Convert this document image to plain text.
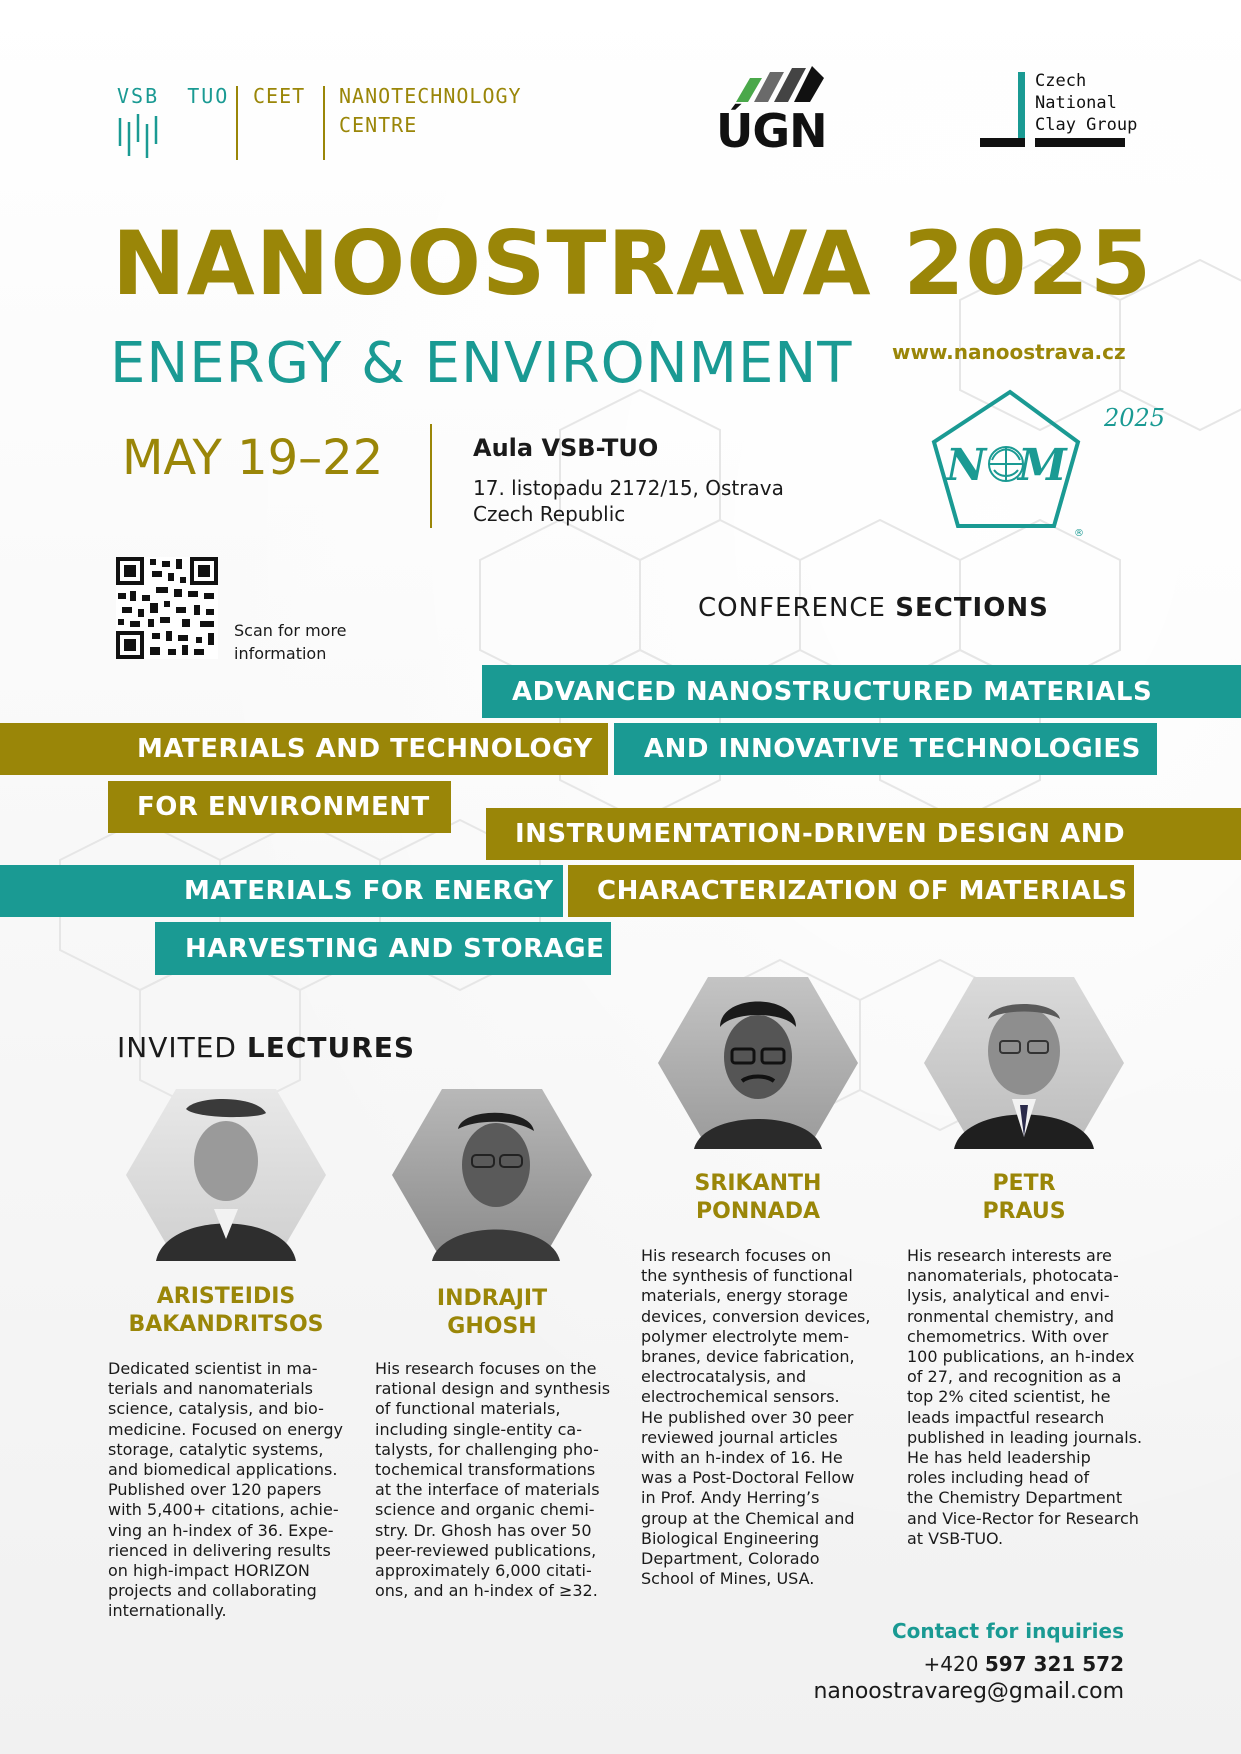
VSB TUO CEET NANOTECHNOLOGY
CENTRE	ÚGN
Czech
National
Clay Group
NANOOSTRAVA 2025
ENERGY & ENVIRONMENT www.nanoostrava.cz
MAY 19–22	Aula VSB-TUO
17. listopadu 2172/15, Ostrava
Czech Republic
N M
®
2025
Scan for more
information
CONFERENCE SECTIONS
ADVANCED NANOSTRUCTURED MATERIALS
AND INNOVATIVE TECHNOLOGIES
MATERIALS AND TECHNOLOGY
FOR ENVIRONMENT
INSTRUMENTATION-DRIVEN DESIGN AND
CHARACTERIZATION OF MATERIALS
MATERIALS FOR ENERGY
HARVESTING AND STORAGE
INVITED LECTURES
ARISTEIDIS
BAKANDRITSOS
INDRAJIT
GHOSH
SRIKANTH
PONNADA
PETR
PRAUS
Dedicated scientist in ma-
terials and nanomaterials
science, catalysis, and bio-
medicine. Focused on energy
storage, catalytic systems,
and biomedical applications.
Published over 120 papers
with 5,400+ citations, achie-
ving an h-index of 36. Expe-
rienced in delivering results
on high-impact HORIZON
projects and collaborating
internationally.
His research focuses on the
rational design and synthesis
of functional materials,
including single-entity ca-
talysts, for challenging pho-
tochemical transformations
at the interface of materials
science and organic chemi-
stry. Dr. Ghosh has over 50
peer-reviewed publications,
approximately 6,000 citati-
ons, and an h-index of ≥32.
His research focuses on
the synthesis of functional
materials, energy storage
devices, conversion devices,
polymer electrolyte mem-
branes, device fabrication,
electrocatalysis, and
electrochemical sensors.
He published over 30 peer
reviewed journal articles
with an h-index of 16. He
was a Post-Doctoral Fellow
in Prof. Andy Herring’s
group at the Chemical and
Biological Engineering
Department, Colorado
School of Mines, USA.
His research interests are
nanomaterials, photocata-
lysis, analytical and envi-
ronmental chemistry, and
chemometrics. With over
100 publications, an h-index
of 27, and recognition as a
top 2% cited scientist, he
leads impactful research
published in leading journals.
He has held leadership
roles including head of
the Chemistry Department
and Vice-Rector for Research
at VSB-TUO.
Contact for inquiries
+420 597 321 572
nanoostravareg@gmail.com
